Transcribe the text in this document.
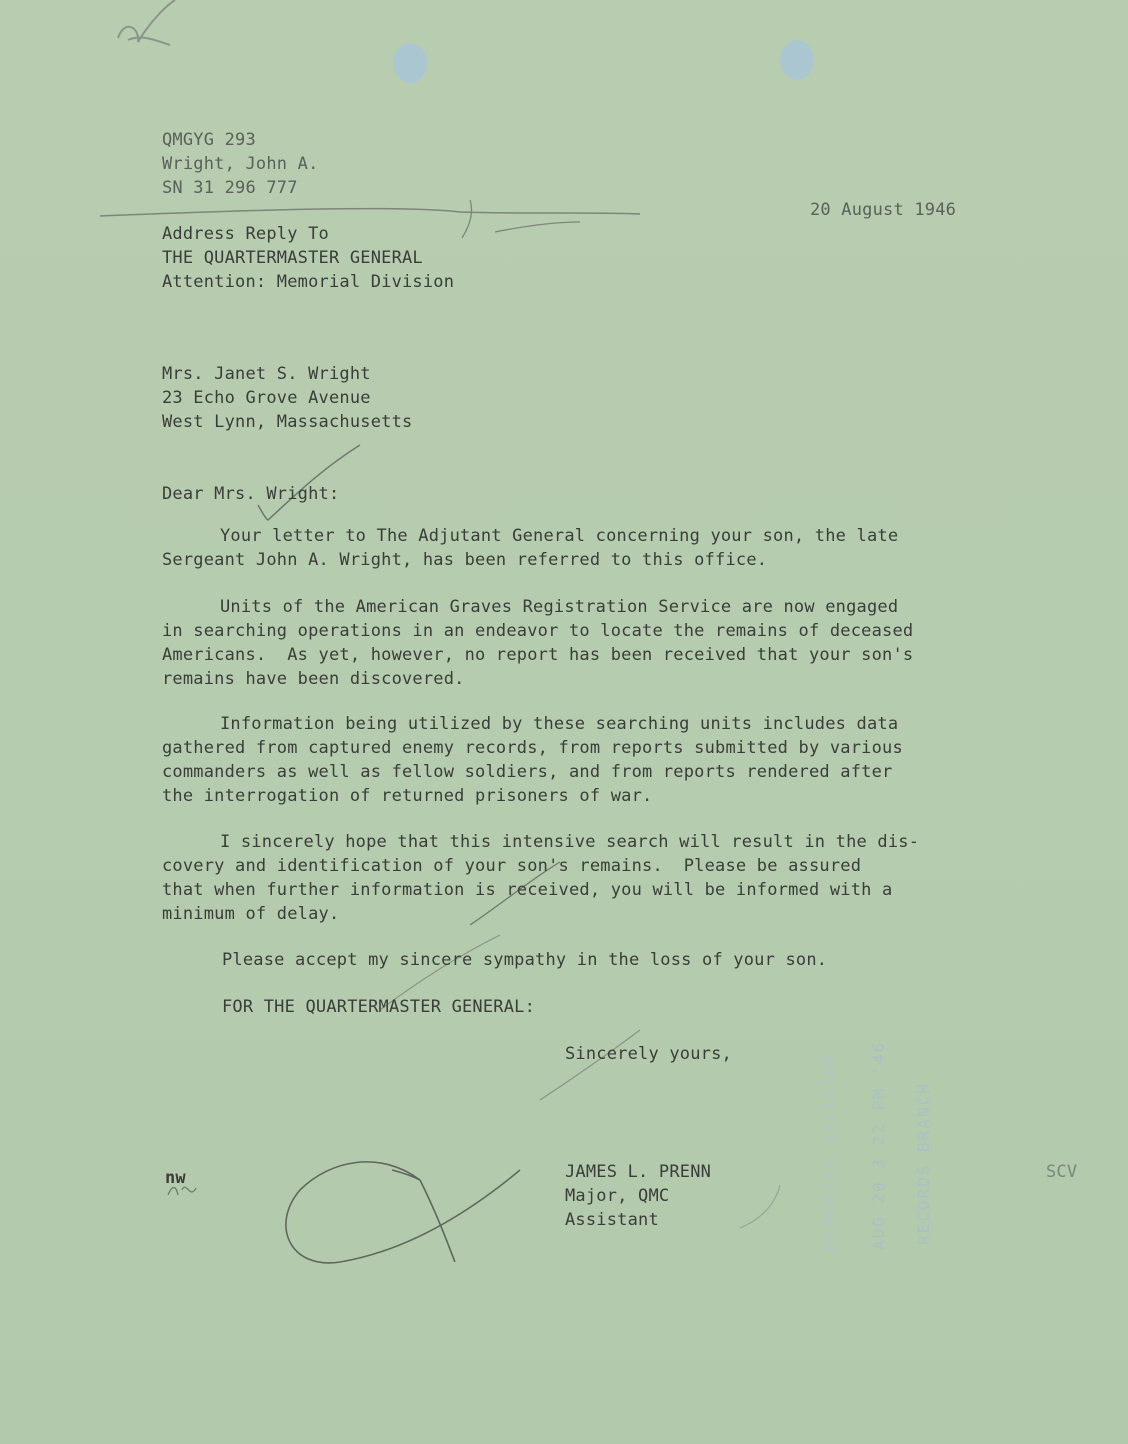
QMGYG 293
Wright, John A.
SN 31 296 777
20 August 1946
Address Reply To
THE QUARTERMASTER GENERAL
Attention: Memorial Division
Mrs. Janet S. Wright
23 Echo Grove Avenue
West Lynn, Massachusetts
Dear Mrs. Wright:
Your letter to The Adjutant General concerning your son, the late
Sergeant John A. Wright, has been referred to this office.
Units of the American Graves Registration Service are now engaged
in searching operations in an endeavor to locate the remains of deceased
Americans.  As yet, however, no report has been received that your son's
remains have been discovered.
Information being utilized by these searching units includes data
gathered from captured enemy records, from reports submitted by various
commanders as well as fellow soldiers, and from reports rendered after
the interrogation of returned prisoners of war.
I sincerely hope that this intensive search will result in the dis-
covery and identification of your son's remains.  Please be assured
that when further information is received, you will be informed with a
minimum of delay.
Please accept my sincere sympathy in the loss of your son.
FOR THE QUARTERMASTER GENERAL:
Sincerely yours,
JAMES L. PRENN
Major, QMC
Assistant
nw	SCV
AUG 20 3 22 PM '46 RECORDS BRANCH
MEMORIAL DIVISION
